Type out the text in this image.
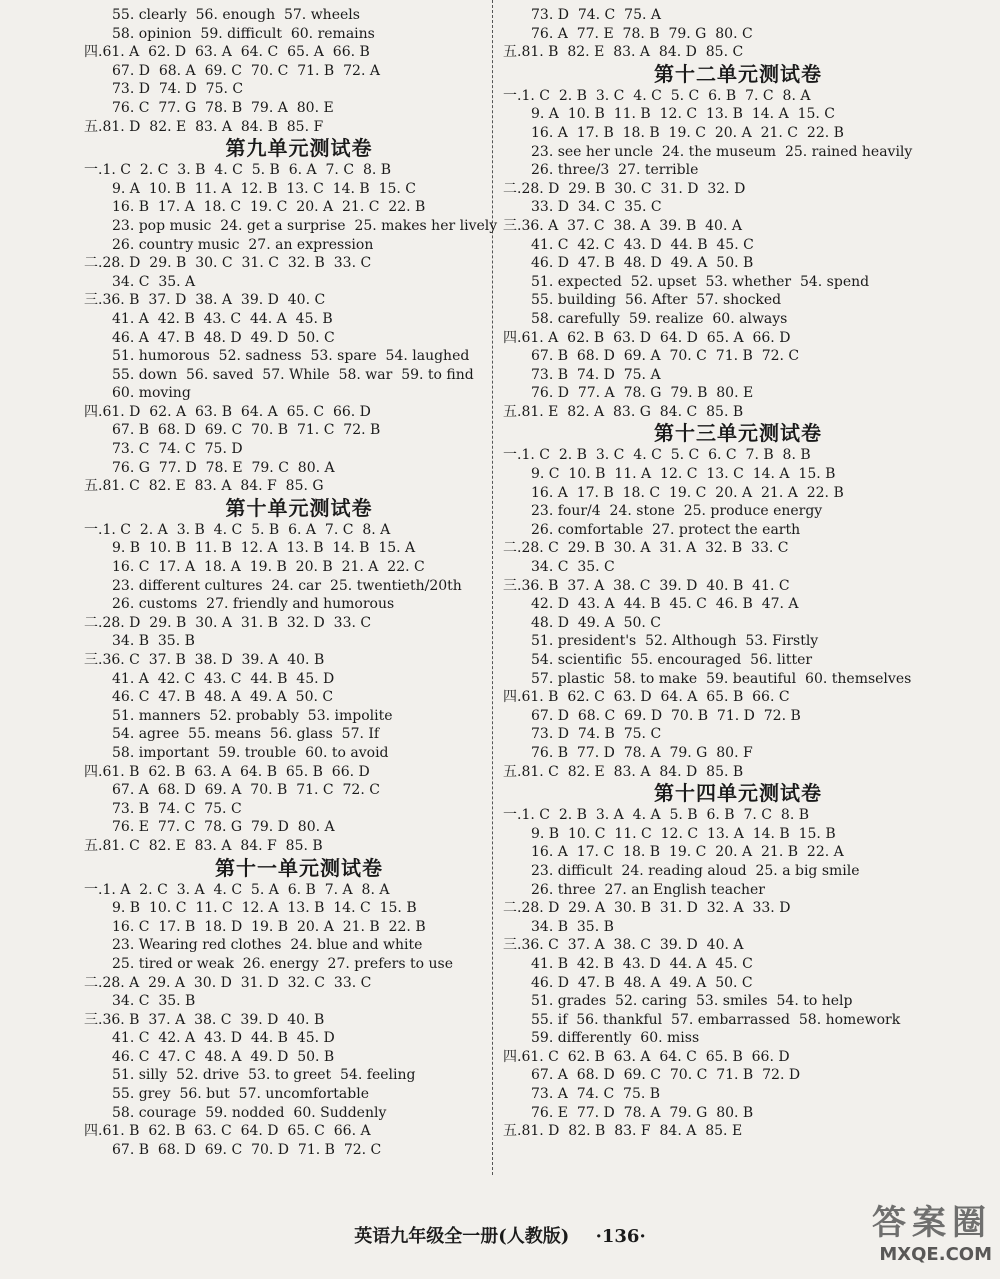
55. clearly  56. enough  57. wheels
58. opinion  59. difficult  60. remains
四.61. A  62. D  63. A  64. C  65. A  66. B
67. D  68. A  69. C  70. C  71. B  72. A
73. D  74. D  75. C
76. C  77. G  78. B  79. A  80. E
五.81. D  82. E  83. A  84. B  85. F
第九单元测试卷
一.1. C  2. C  3. B  4. C  5. B  6. A  7. C  8. B
9. A  10. B  11. A  12. B  13. C  14. B  15. C
16. B  17. A  18. C  19. C  20. A  21. C  22. B
23. pop music  24. get a surprise  25. makes her lively
26. country music  27. an expression
二.28. D  29. B  30. C  31. C  32. B  33. C
34. C  35. A
三.36. B  37. D  38. A  39. D  40. C
41. A  42. B  43. C  44. A  45. B
46. A  47. B  48. D  49. D  50. C
51. humorous  52. sadness  53. spare  54. laughed
55. down  56. saved  57. While  58. war  59. to find
60. moving
四.61. D  62. A  63. B  64. A  65. C  66. D
67. B  68. D  69. C  70. B  71. C  72. B
73. C  74. C  75. D
76. G  77. D  78. E  79. C  80. A
五.81. C  82. E  83. A  84. F  85. G
第十单元测试卷
一.1. C  2. A  3. B  4. C  5. B  6. A  7. C  8. A
9. B  10. B  11. B  12. A  13. B  14. B  15. A
16. C  17. A  18. A  19. B  20. B  21. A  22. C
23. different cultures  24. car  25. twentieth/20th
26. customs  27. friendly and humorous
二.28. D  29. B  30. A  31. B  32. D  33. C
34. B  35. B
三.36. C  37. B  38. D  39. A  40. B
41. A  42. C  43. C  44. B  45. D
46. C  47. B  48. A  49. A  50. C
51. manners  52. probably  53. impolite
54. agree  55. means  56. glass  57. If
58. important  59. trouble  60. to avoid
四.61. B  62. B  63. A  64. B  65. B  66. D
67. A  68. D  69. A  70. B  71. C  72. C
73. B  74. C  75. C
76. E  77. C  78. G  79. D  80. A
五.81. C  82. E  83. A  84. F  85. B
第十一单元测试卷
一.1. A  2. C  3. A  4. C  5. A  6. B  7. A  8. A
9. B  10. C  11. C  12. A  13. B  14. C  15. B
16. C  17. B  18. D  19. B  20. A  21. B  22. B
23. Wearing red clothes  24. blue and white
25. tired or weak  26. energy  27. prefers to use
二.28. A  29. A  30. D  31. D  32. C  33. C
34. C  35. B
三.36. B  37. A  38. C  39. D  40. B
41. C  42. A  43. D  44. B  45. D
46. C  47. C  48. A  49. D  50. B
51. silly  52. drive  53. to greet  54. feeling
55. grey  56. but  57. uncomfortable
58. courage  59. nodded  60. Suddenly
四.61. B  62. B  63. C  64. D  65. C  66. A
67. B  68. D  69. C  70. D  71. B  72. C
73. D  74. C  75. A
76. A  77. E  78. B  79. G  80. C
五.81. B  82. E  83. A  84. D  85. C
第十二单元测试卷
一.1. C  2. B  3. C  4. C  5. C  6. B  7. C  8. A
9. A  10. B  11. B  12. C  13. B  14. A  15. C
16. A  17. B  18. B  19. C  20. A  21. C  22. B
23. see her uncle  24. the museum  25. rained heavily
26. three/3  27. terrible
二.28. D  29. B  30. C  31. D  32. D
33. D  34. C  35. C
三.36. A  37. C  38. A  39. B  40. A
41. C  42. C  43. D  44. B  45. C
46. D  47. B  48. D  49. A  50. B
51. expected  52. upset  53. whether  54. spend
55. building  56. After  57. shocked
58. carefully  59. realize  60. always
四.61. A  62. B  63. D  64. D  65. A  66. D
67. B  68. D  69. A  70. C  71. B  72. C
73. B  74. D  75. A
76. D  77. A  78. G  79. B  80. E
五.81. E  82. A  83. G  84. C  85. B
第十三单元测试卷
一.1. C  2. B  3. C  4. C  5. C  6. C  7. B  8. B
9. C  10. B  11. A  12. C  13. C  14. A  15. B
16. A  17. B  18. C  19. C  20. A  21. A  22. B
23. four/4  24. stone  25. produce energy
26. comfortable  27. protect the earth
二.28. C  29. B  30. A  31. A  32. B  33. C
34. C  35. C
三.36. B  37. A  38. C  39. D  40. B  41. C
42. D  43. A  44. B  45. C  46. B  47. A
48. D  49. A  50. C
51. president's  52. Although  53. Firstly
54. scientific  55. encouraged  56. litter
57. plastic  58. to make  59. beautiful  60. themselves
四.61. B  62. C  63. D  64. A  65. B  66. C
67. D  68. C  69. D  70. B  71. D  72. B
73. D  74. B  75. C
76. B  77. D  78. A  79. G  80. F
五.81. C  82. E  83. A  84. D  85. B
第十四单元测试卷
一.1. C  2. B  3. A  4. A  5. B  6. B  7. C  8. B
9. B  10. C  11. C  12. C  13. A  14. B  15. B
16. A  17. C  18. B  19. C  20. A  21. B  22. A
23. difficult  24. reading aloud  25. a big smile
26. three  27. an English teacher
二.28. D  29. A  30. B  31. D  32. A  33. D
34. B  35. B
三.36. C  37. A  38. C  39. D  40. A
41. B  42. B  43. D  44. A  45. C
46. D  47. B  48. A  49. A  50. C
51. grades  52. caring  53. smiles  54. to help
55. if  56. thankful  57. embarrassed  58. homework
59. differently  60. miss
四.61. C  62. B  63. A  64. C  65. B  66. D
67. A  68. D  69. C  70. C  71. B  72. D
73. A  74. C  75. B
76. E  77. D  78. A  79. G  80. B
五.81. D  82. B  83. F  84. A  85. E
英语九年级全一册(人教版) ·136·	答案圈
MXQE.COM
